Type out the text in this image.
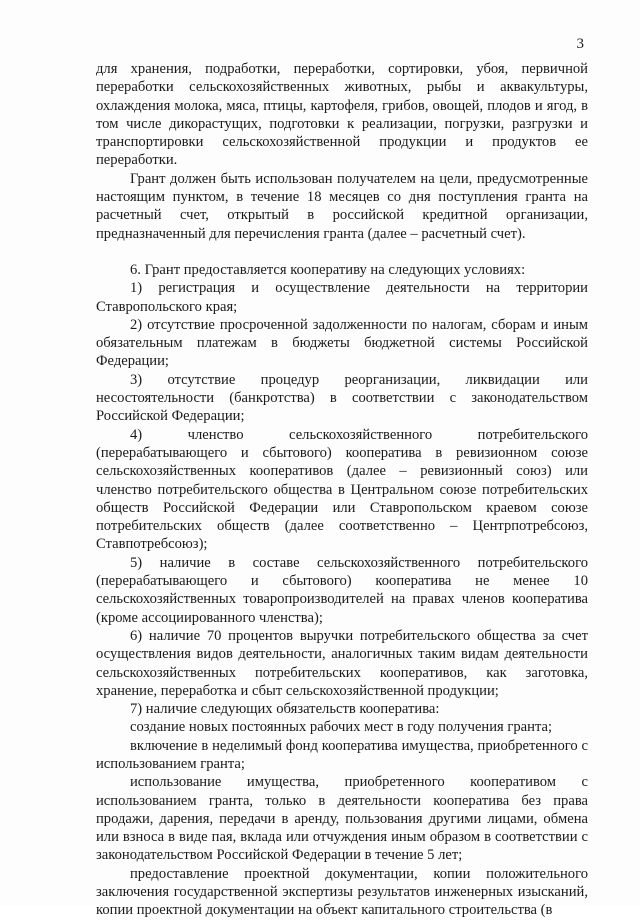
3

для хранения, подработки, переработки, сортировки, убоя, первичной переработки сельскохозяйственных животных, рыбы и аквакультуры, охлаждения молока, мяса, птицы, картофеля, грибов, овощей, плодов и ягод, в том числе дикорастущих, подготовки к реализации, погрузки, разгрузки и транспортировки сельскохозяйственной продукции и продуктов ее переработки.

Грант должен быть использован получателем на цели, предусмотренные настоящим пунктом, в течение 18 месяцев со дня поступления гранта на расчетный счет, открытый в российской кредитной организации, предназначенный для перечисления гранта (далее – расчетный счет).

6. Грант предоставляется кооперативу на следующих условиях:

1) регистрация и осуществление деятельности на территории Ставропольского края;

2) отсутствие просроченной задолженности по налогам, сборам и иным обязательным платежам в бюджеты бюджетной системы Российской Федерации;

3) отсутствие процедур реорганизации, ликвидации или несостоятельности (банкротства) в соответствии с законодательством Российской Федерации;

4) членство сельскохозяйственного потребительского (перерабатывающего и сбытового) кооператива в ревизионном союзе сельскохозяйственных кооперативов (далее – ревизионный союз) или членство потребительского общества в Центральном союзе потребительских обществ Российской Федерации или Ставропольском краевом союзе потребительских обществ (далее соответственно – Центрпотребсоюз, Ставпотребсоюз);

5) наличие в составе сельскохозяйственного потребительского (перерабатывающего и сбытового) кооператива не менее 10 сельскохозяйственных товаропроизводителей на правах членов кооператива (кроме ассоциированного членства);

6) наличие 70 процентов выручки потребительского общества за счет осуществления видов деятельности, аналогичных таким видам деятельности сельскохозяйственных потребительских кооперативов, как заготовка, хранение, переработка и сбыт сельскохозяйственной продукции;

7) наличие следующих обязательств кооператива:

создание новых постоянных рабочих мест в году получения гранта;

включение в неделимый фонд кооператива имущества, приобретенного с использованием гранта;

использование имущества, приобретенного кооперативом с использованием гранта, только в деятельности кооператива без права продажи, дарения, передачи в аренду, пользования другими лицами, обмена или взноса в виде пая, вклада или отчуждения иным образом в соответствии с законодательством Российской Федерации в течение 5 лет;

предоставление проектной документации, копии положительного заключения государственной экспертизы результатов инженерных изысканий, копии проектной документации на объект капитального строительства (в
